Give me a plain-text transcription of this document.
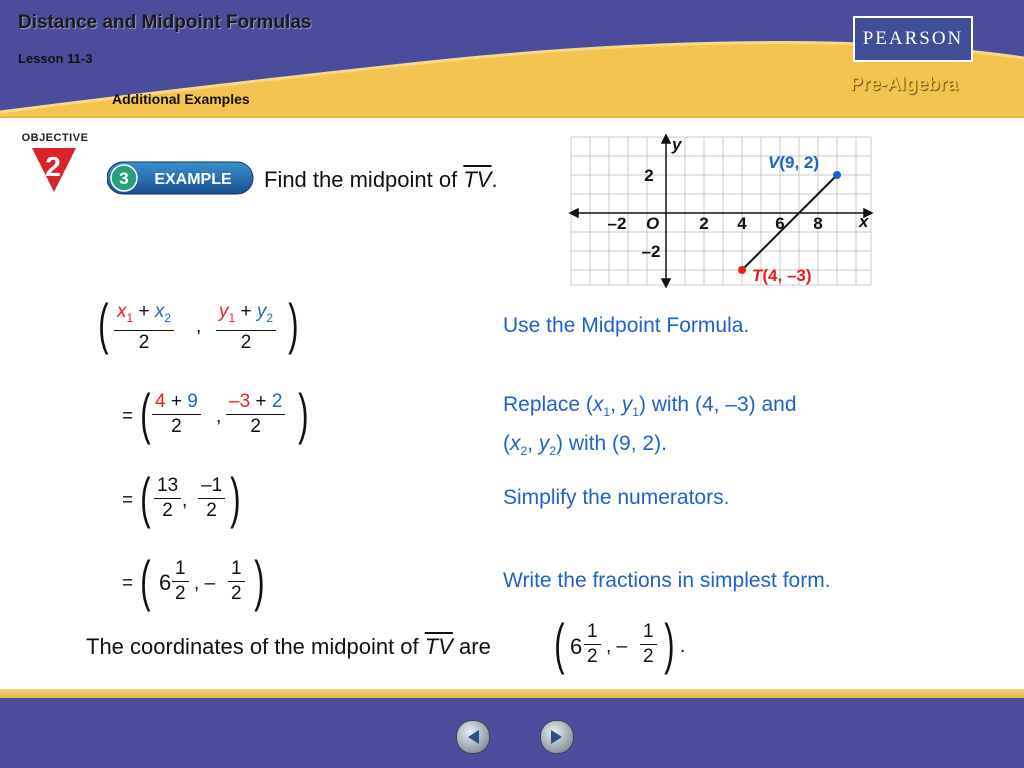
Distance and Midpoint Formulas
Lesson 11-3
Additional Examples
PEARSON
Pre-Algebra
OBJECTIVE
2	3 EXAMPLE Find the midpoint of $\overline{TV}$.
y
x
O
–2	2 4 6 8
2
–2
V(9, 2)
T(4, –3)
( $x_1 + x_2$
2
,
$y_1 + y_2$
2 )	Use the Midpoint Formula.
= ( 4 + 9
2 ,
–3 + 2
2 )	Replace ($x_1$, $y_1$) with (4, –3) and
($x_2$, $y_2$) with (9, 2).
= ( 13
2 ,
–1
2 )	Simplify the numerators.
= ( 6
1
2 , –
1
2 )	Write the fractions in simplest form.
The coordinates of the midpoint of $\overline{TV}$ are ( 6
1
2 , –
1
2 ) .
